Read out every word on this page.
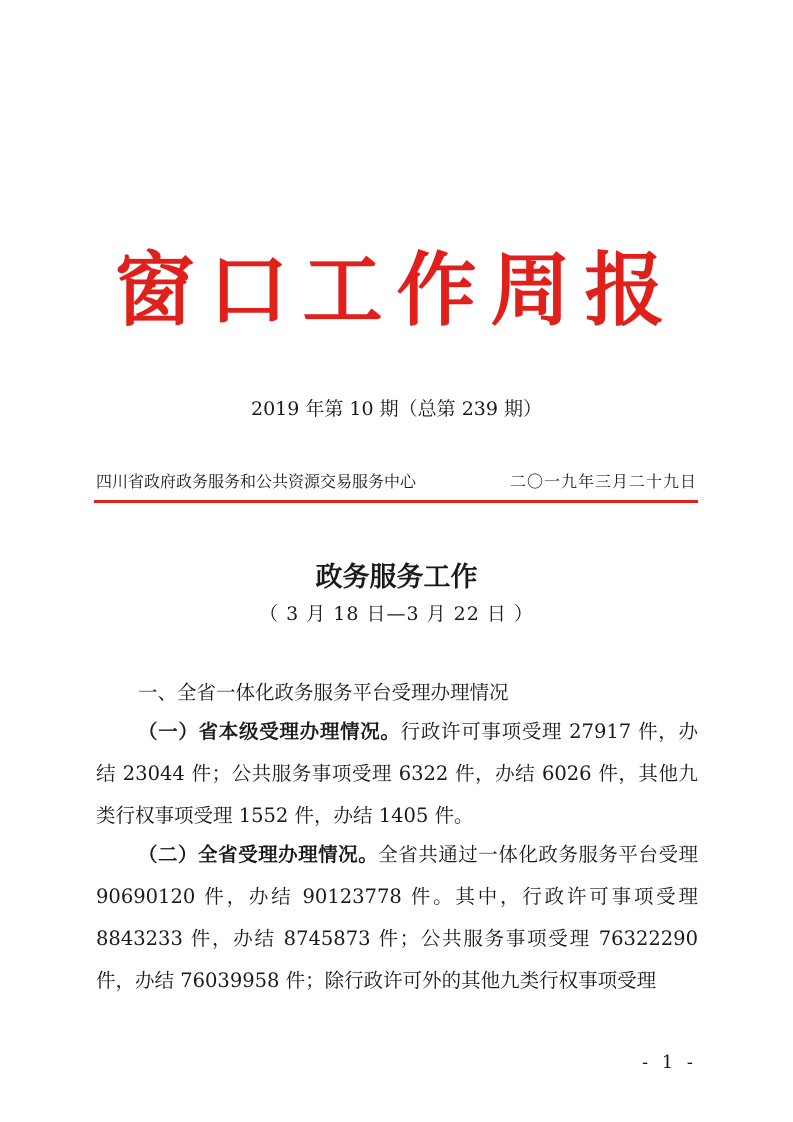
窗口工作周报
2019 年第 10 期（总第 239 期）
四川省政府政务服务和公共资源交易服务中心	二〇一九年三月二十九日
政务服务工作
（ 3 月 18 日—3 月 22 日 ）
一、全省一体化政务服务平台受理办理情况
（一）省本级受理办理情况。行政许可事项受理 27917 件，办结 23044 件；公共服务事项受理 6322 件，办结 6026 件，其他九类行权事项受理 1552 件，办结 1405 件。
（二）全省受理办理情况。全省共通过一体化政务服务平台受理 90690120 件，办结 90123778 件。其中，行政许可事项受理 8843233 件，办结 8745873 件；公共服务事项受理 76322290 件，办结 76039958 件；除行政许可外的其他九类行权事项受理
- 1 -
